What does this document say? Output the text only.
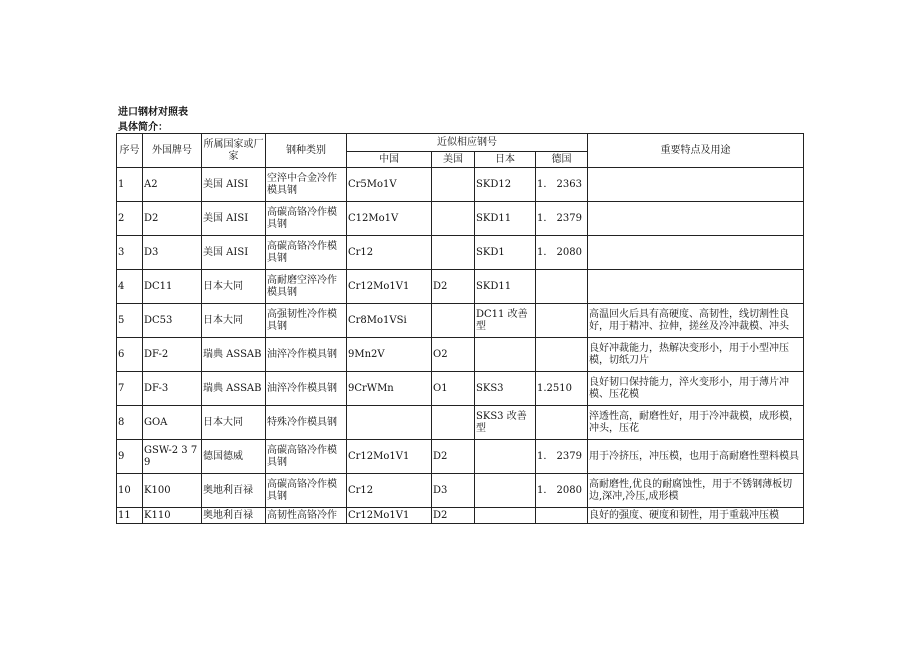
进口钢材对照表
具体简介：
序号	外国牌号	所属国家或厂家	钢种类别	近似相应钢号				重要特点及用途
				中国	美国	日本	德国	
1	A2	美国 AISI	空淬中合金冷作模具钢	Cr5Mo1V		SKD12	1． 2363	
2	D2	美国 AISI	高碳高铬冷作模具钢	C12Mo1V		SKD11	1． 2379	
3	D3	美国 AISI	高碳高铬冷作模具钢	Cr12		SKD1	1． 2080	
4	DC11	日本大同	高耐磨空淬冷作模具钢	Cr12Mo1V1	D2	SKD11		
5	DC53	日本大同	高强韧性冷作模具钢	Cr8Mo1VSi		DC11 改善型		高温回火后具有高硬度、高韧性，线切割性良好，用于精冲、拉伸，搓丝及冷冲裁模、冲头
6	DF-2	瑞典 ASSAB	油淬冷作模具钢	9Mn2V	O2			良好冲裁能力，热解决变形小，用于小型冲压模，切纸刀片
7	DF-3	瑞典 ASSAB	油淬冷作模具钢	9CrWMn	O1	SKS3	1.2510	良好韧口保持能力，淬火变形小，用于薄片冲模、压花模
8	GOA	日本大同	特殊冷作模具钢			SKS3 改善型		淬透性高，耐磨性好，用于冷冲裁模，成形模，冲头，压花
9	GSW-2 3 7 9	德国德威	高碳高铬冷作模具钢	Cr12Mo1V1	D2		1． 2379	用于冷挤压，冲压模，也用于高耐磨性塑料模具
10	K100	奥地利百禄	高碳高铬冷作模具钢	Cr12	D3		1． 2080	高耐磨性,优良的耐腐蚀性，用于不锈钢薄板切边,深冲,冷压,成形模
11	K110	奥地利百禄	高韧性高铬冷作	Cr12Mo1V1	D2			良好的强度、硬度和韧性，用于重载冲压模
